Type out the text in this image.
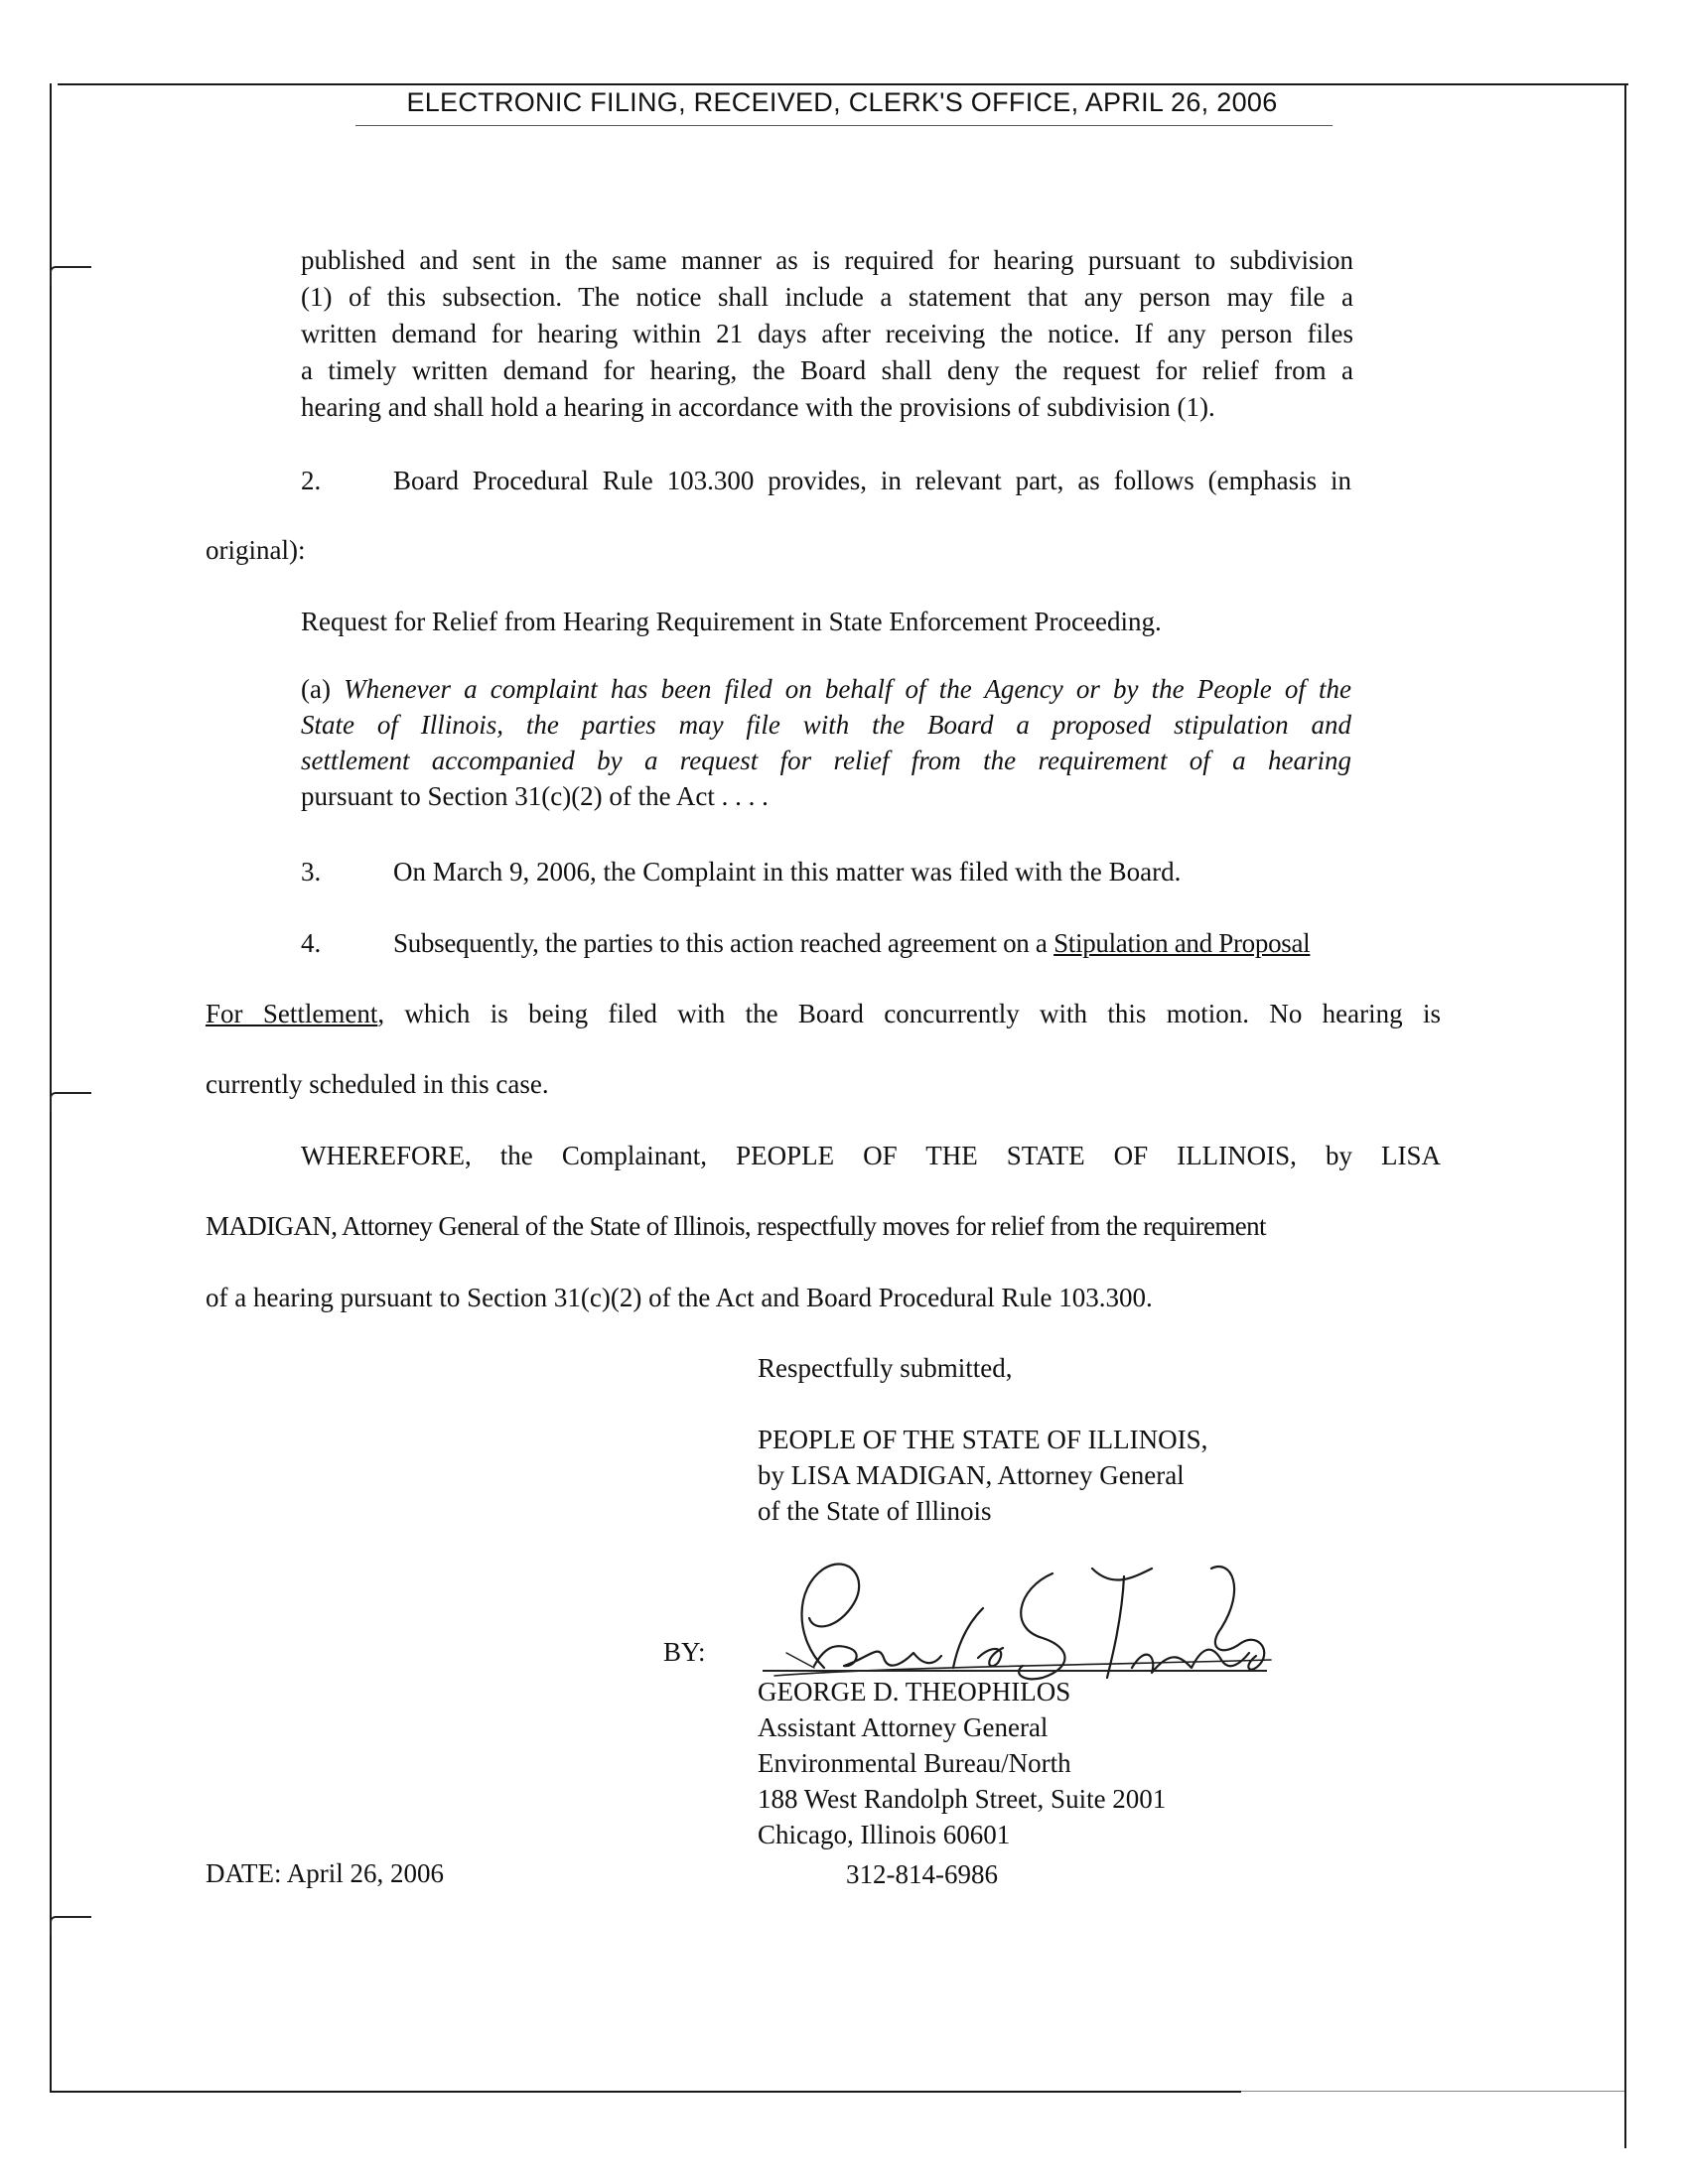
ELECTRONIC FILING, RECEIVED, CLERK'S OFFICE, APRIL 26, 2006
published and sent in the same manner as is required for hearing pursuant to subdivision
(1) of this subsection. The notice shall include a statement that any person may file a
written demand for hearing within 21 days after receiving the notice. If any person files
a timely written demand for hearing, the Board shall deny the request for relief from a
hearing and shall hold a hearing in accordance with the provisions of subdivision (1).
2.	Board Procedural Rule 103.300 provides, in relevant part, as follows (emphasis in
original):
Request for Relief from Hearing Requirement in State Enforcement Proceeding.
(a) Whenever a complaint has been filed on behalf of the Agency or by the People of the
State of Illinois, the parties may file with the Board a proposed stipulation and
settlement accompanied by a request for relief from the requirement of a hearing
pursuant to Section 31(c)(2) of the Act . . . .
3.	On March 9, 2006, the Complaint in this matter was filed with the Board.
4.	Subsequently, the parties to this action reached agreement on a Stipulation and Proposal
For Settlement, which is being filed with the Board concurrently with this motion. No hearing is
currently scheduled in this case.
WHEREFORE, the Complainant, PEOPLE OF THE STATE OF ILLINOIS, by LISA
MADIGAN, Attorney General of the State of Illinois, respectfully moves for relief from the requirement
of a hearing pursuant to Section 31(c)(2) of the Act and Board Procedural Rule 103.300.
Respectfully submitted,
PEOPLE OF THE STATE OF ILLINOIS,
by LISA MADIGAN, Attorney General
of the State of Illinois
BY:
George D. Theophilos
GEORGE D. THEOPHILOS
Assistant Attorney General
Environmental Bureau/North
188 West Randolph Street, Suite 2001
Chicago, Illinois 60601
312-814-6986
DATE: April 26, 2006
